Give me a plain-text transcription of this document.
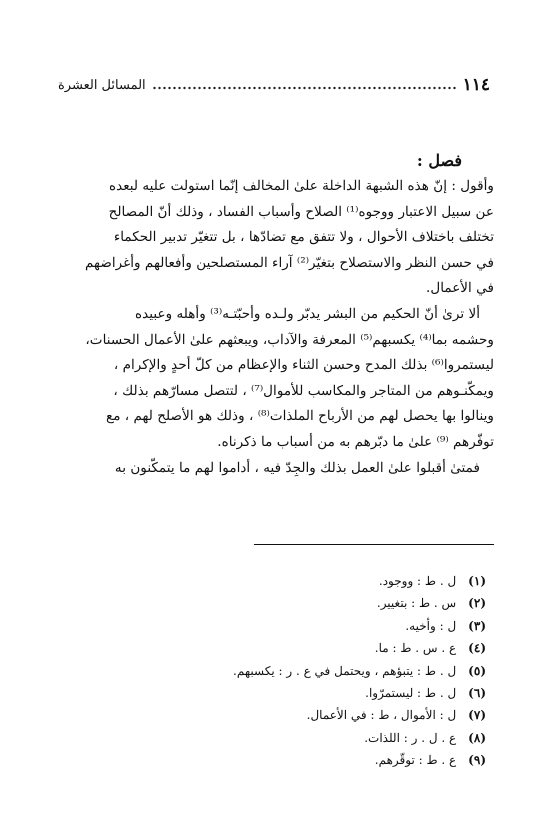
المسائل العشرة	١١٤
فصل :
وأقول : إنّ هذه الشبهة الداخلة علىٰ المخالف إنّما استولت عليه لبعده
عن سبيل الاعتبار ووجوه⁽¹⁾ الصلاح وأسباب الفساد ، وذلك أنّ المصالح
تختلف باختلاف الأحوال ، ولا تتفق مع تضادّها ، بل تتغيّر تدبير الحكماء
في حسن النظر والاستصلاح بتغيّر⁽²⁾ آراء المستصلحين وأفعالهم وأغراضهم
في الأعمال.
ألا ترىٰ أنّ الحكيم من البشر يدبّر ولـده وأحبّتـه⁽³⁾ وأهله وعبيده
وحشمه بما⁽⁴⁾ يكسبهم⁽⁵⁾ المعرفة والآداب، ويبعثهم علىٰ الأعمال الحسنات،
ليستمروا⁽⁶⁾ بذلك المدح وحسن الثناء والإعظام من كلّ أحدٍ والإكرام ،
ويمكّنـوهم من المتاجر والمكاسب للأموال⁽⁷⁾ ، لتتصل مسارّهم بذلك ،
وينالوا بها يحصل لهم من الأرباح الملذات⁽⁸⁾ ، وذلك هو الأصلح لهم ، مع
توفّرهم ⁽⁹⁾ علىٰ ما دبّرهم به من أسباب ما ذكرناه.
فمتىٰ أقبلوا علىٰ العمل بذلك والجِدّ فيه ، أداموا لهم ما يتمكّنون به
(١) ل . ط : ووجود.
(٢) س . ط : بتغيير.
(٣) ل : وأخيه.
(٤) ع . س . ط : ما.
(٥) ل . ط : يتبؤهم ، ويحتمل في ع . ر : يكسبهم.
(٦) ل . ط : ليستمرّوا.
(٧) ل : الأموال ، ط : في الأعمال.
(٨) ع . ل . ر : اللذات.
(٩) ع . ط : توقّرهم.
